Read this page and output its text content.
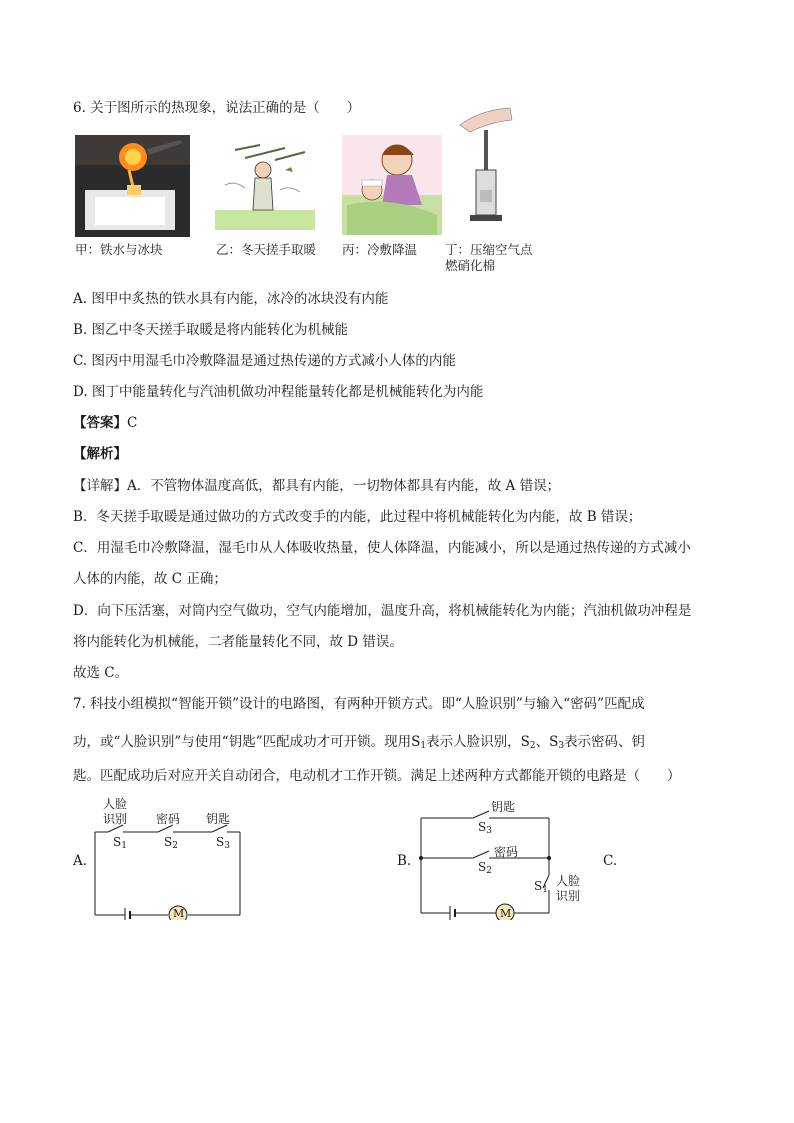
6. 关于图所示的热现象，说法正确的是（　　）
甲：铁水与冰块	乙：冬天搓手取暖 丙：冷敷降温 丁：压缩空气点
燃硝化棉
A. 图甲中炙热的铁水具有内能，冰冷的冰块没有内能
B. 图乙中冬天搓手取暖是将内能转化为机械能
C. 图丙中用湿毛巾冷敷降温是通过热传递的方式减小人体的内能
D. 图丁中能量转化与汽油机做功冲程能量转化都是机械能转化为内能
【答案】C
【解析】
【详解】A．不管物体温度高低，都具有内能，一切物体都具有内能，故 A 错误；
B．冬天搓手取暖是通过做功的方式改变手的内能，此过程中将机械能转化为内能，故 B 错误；
C．用湿毛巾冷敷降温，湿毛巾从人体吸收热量，使人体降温，内能减小，所以是通过热传递的方式减小
人体的内能，故 C 正确；
D．向下压活塞，对筒内空气做功，空气内能增加，温度升高，将机械能转化为内能；汽油机做功冲程是
将内能转化为机械能，二者能量转化不同，故 D 错误。
故选 C。
7. 科技小组模拟“智能开锁”设计的电路图，有两种开锁方式。即“人脸识别”与输入“密码”匹配成
功，或“人脸识别”与使用“钥匙”匹配成功才可开锁。现用$S_1$表示人脸识别，$S_2$、$S_3$表示密码、钥
匙。匹配成功后对应开关自动闭合，电动机才工作开锁。满足上述两种方式都能开锁的电路是（　　）
A.
人脸
识别 密码 钥匙
$S_1$	$S_2$	$S_3$
M
B.
钥匙
$S_3$
密码
$S_2$
$S_1$
人脸
识别
M
C.
